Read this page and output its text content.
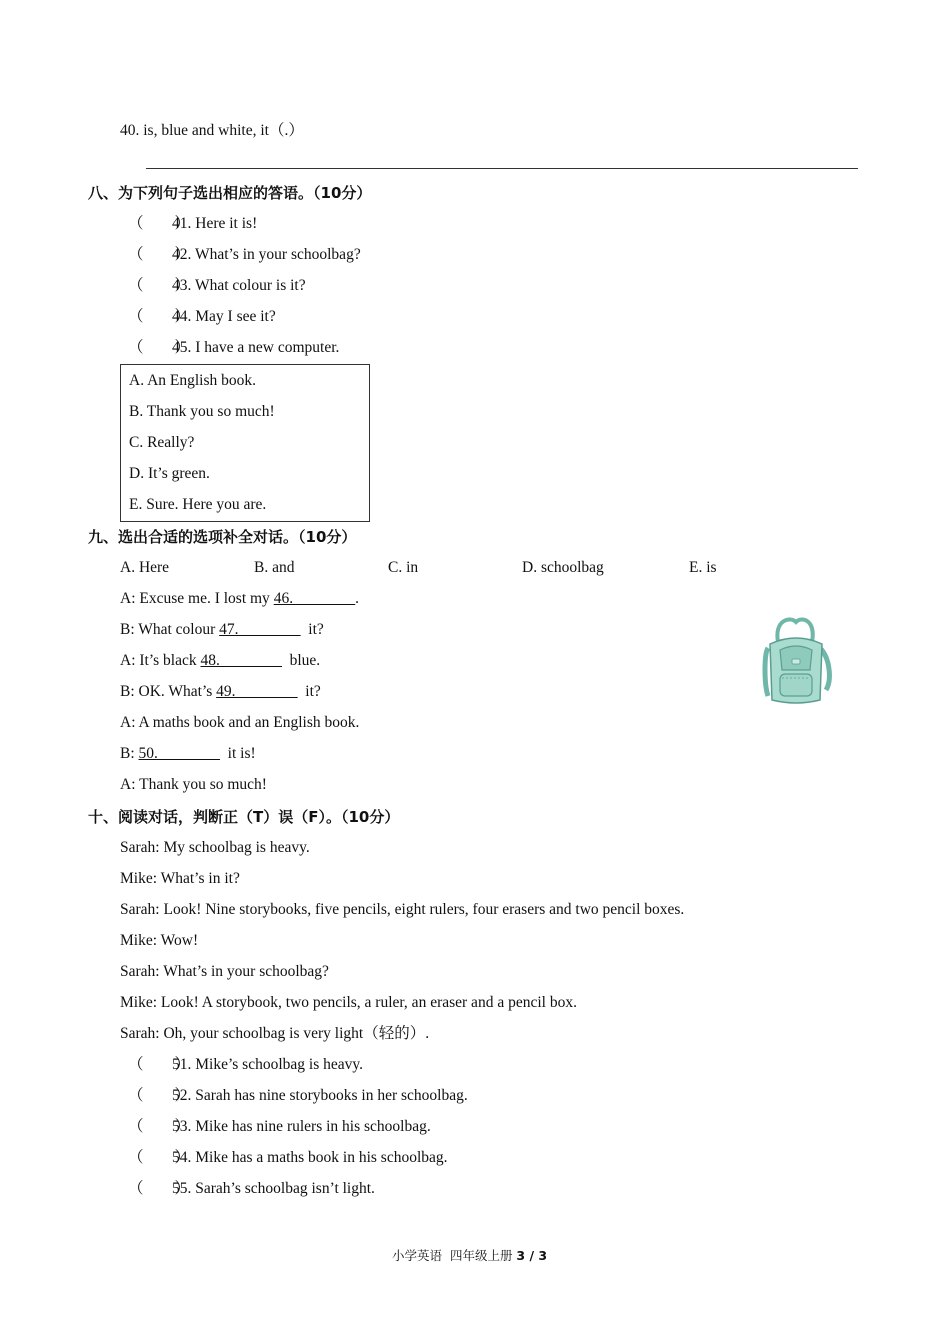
40. is, blue and white, it（.）
八、为下列句子选出相应的答语。（10分）
（　　）
41. Here it is!
（　　）
42. What’s in your schoolbag?
（　　）
43. What colour is it?
（　　）
44. May I see it?
（　　）
45. I have a new computer.
A. An English book.
B. Thank you so much!
C. Really?
D. It’s green.
E. Sure. Here you are.
九、选出合适的选项补全对话。（10分）
A. Here	B. and	C. in	D. schoolbag	E. is
A: Excuse me. I lost my 46.________.
B: What colour 47.________  it?
A: It’s black 48.________  blue.
B: OK. What’s 49.________  it?
A: A maths book and an English book.
B: 50.________  it is!
A: Thank you so much!
十、阅读对话，判断正（T）误（F）。（10分）
Sarah: My schoolbag is heavy.
Mike: What’s in it?
Sarah: Look! Nine storybooks, five pencils, eight rulers, four erasers and two pencil boxes.
Mike: Wow!
Sarah: What’s in your schoolbag?
Mike: Look! A storybook, two pencils, a ruler, an eraser and a pencil box.
Sarah: Oh, your schoolbag is very light（轻的）.
（　　）
51. Mike’s schoolbag is heavy.
（　　）
52. Sarah has nine storybooks in her schoolbag.
（　　）
53. Mike has nine rulers in his schoolbag.
（　　）
54. Mike has a maths book in his schoolbag.
（　　）
55. Sarah’s schoolbag isn’t light.
小学英语  四年级上册 3 / 3
